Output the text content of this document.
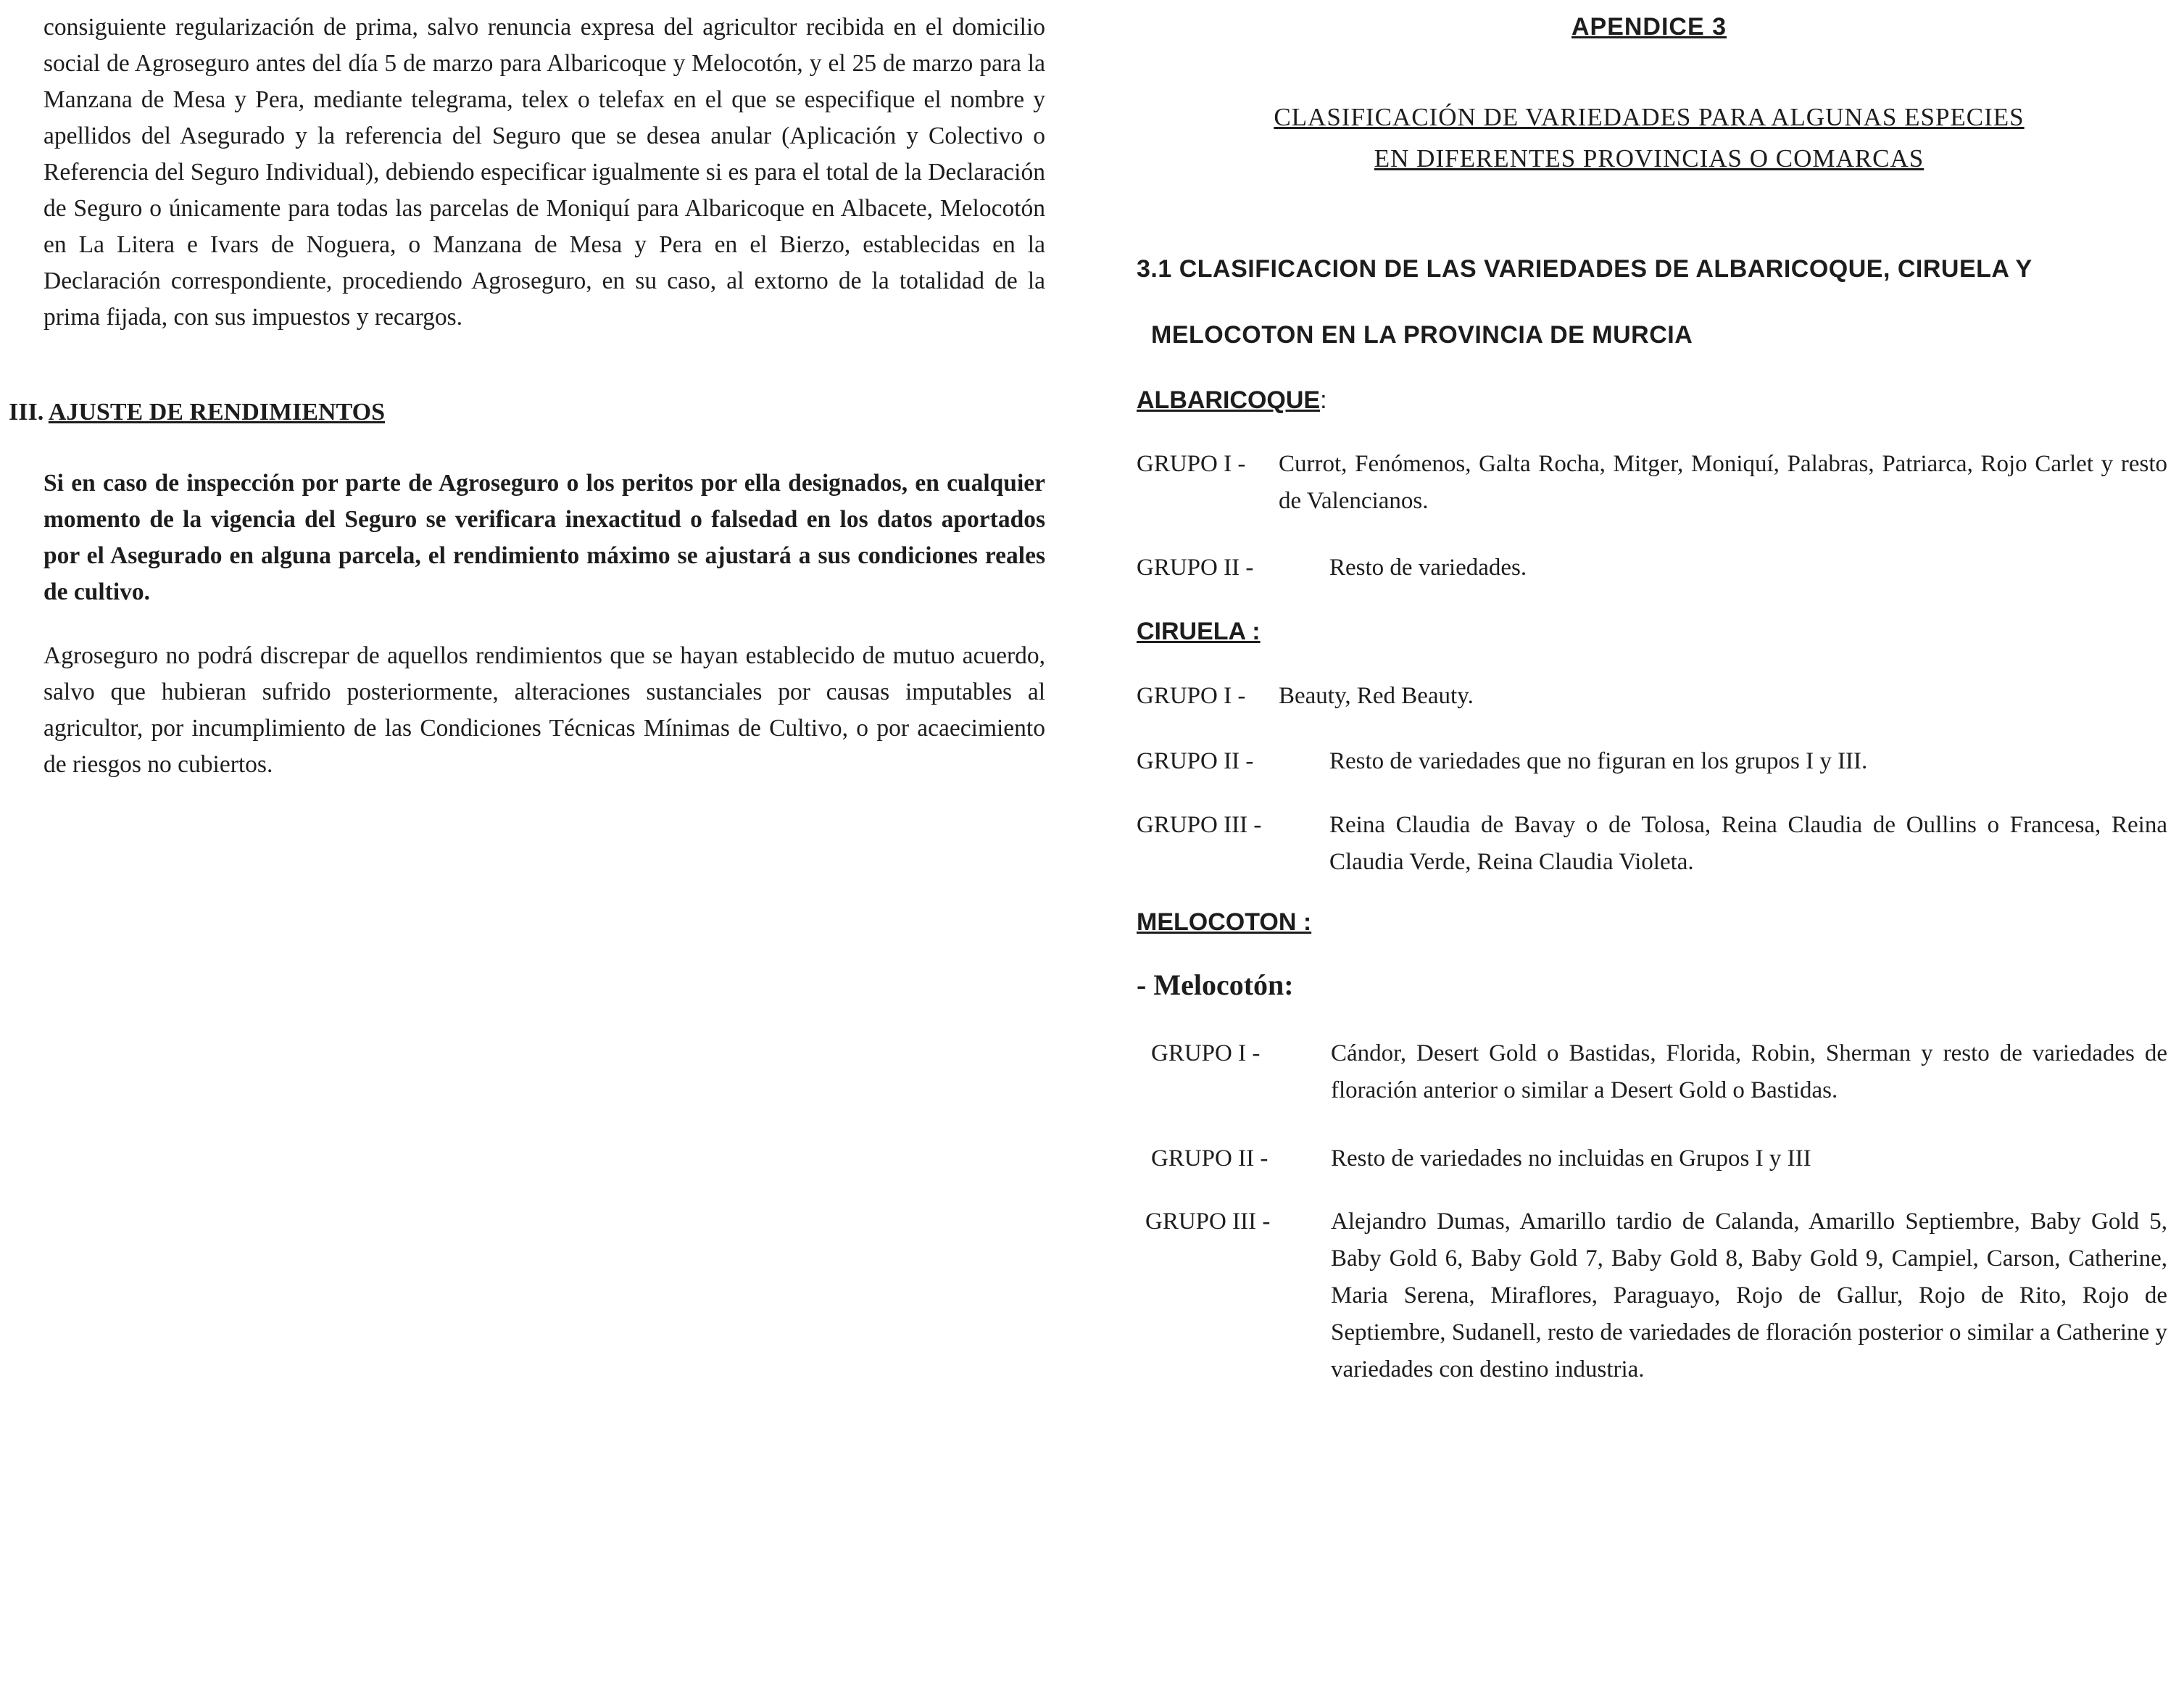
consiguiente regularización de prima, salvo renuncia expresa del agricultor recibida en el domicilio social de Agroseguro antes del día 5 de marzo para Albaricoque y Melocotón, y el 25 de marzo para la Manzana de Mesa y Pera, mediante telegrama, telex o telefax en el que se especifique el nombre y apellidos del Asegurado y la referencia del Seguro que se desea anular (Aplicación y Colectivo o Referencia del Seguro Individual), debiendo especificar igualmente si es para el total de la Declaración de Seguro o únicamente para todas las parcelas de Moniquí para Albaricoque en Albacete, Melocotón en La Litera e Ivars de Noguera, o Manzana de Mesa y Pera en el Bierzo, establecidas en la Declaración correspondiente, procediendo Agroseguro, en su caso, al extorno de la totalidad de la prima fijada, con sus impuestos y recargos.

III. AJUSTE DE RENDIMIENTOS

Si en caso de inspección por parte de Agroseguro o los peritos por ella designados, en cualquier momento de la vigencia del Seguro se verificara inexactitud o falsedad en los datos aportados por el Asegurado en alguna parcela, el rendimiento máximo se ajustará a sus condiciones reales de cultivo.

Agroseguro no podrá discrepar de aquellos rendimientos que se hayan establecido de mutuo acuerdo, salvo que hubieran sufrido posteriormente, alteraciones sustanciales por causas imputables al agricultor, por incumplimiento de las Condiciones Técnicas Mínimas de Cultivo, o por acaecimiento de riesgos no cubiertos.

APENDICE 3
CLASIFICACIÓN DE VARIEDADES PARA ALGUNAS ESPECIES
EN DIFERENTES PROVINCIAS O COMARCAS
3.1 CLASIFICACION DE LAS VARIEDADES DE ALBARICOQUE, CIRUELA Y
MELOCOTON EN LA PROVINCIA DE MURCIA
ALBARICOQUE:
GRUPO I - Currot, Fenómenos, Galta Rocha, Mitger, Moniquí, Palabras, Patriarca, Rojo Carlet y resto de Valencianos.

GRUPO II -	Resto de variedades.

CIRUELA :
GRUPO I - Beauty, Red Beauty.

GRUPO II -	Resto de variedades que no figuran en los grupos I y III.

GRUPO III -	Reina Claudia de Bavay o de Tolosa, Reina Claudia de Oullins o Francesa, Reina Claudia Verde, Reina Claudia Violeta.

MELOCOTON :
- Melocotón:
GRUPO I -	Cándor, Desert Gold o Bastidas, Florida, Robin, Sherman y resto de variedades de floración anterior o similar a Desert Gold o Bastidas.

GRUPO II -	Resto de variedades no incluidas en Grupos I y III

GRUPO III -	Alejandro Dumas, Amarillo tardio de Calanda, Amarillo Septiembre, Baby Gold 5, Baby Gold 6, Baby Gold 7, Baby Gold 8, Baby Gold 9, Campiel, Carson, Catherine, Maria Serena, Miraflores, Paraguayo, Rojo de Gallur, Rojo de Rito, Rojo de Septiembre, Sudanell, resto de variedades de floración posterior o similar a Catherine y variedades con destino industria.
